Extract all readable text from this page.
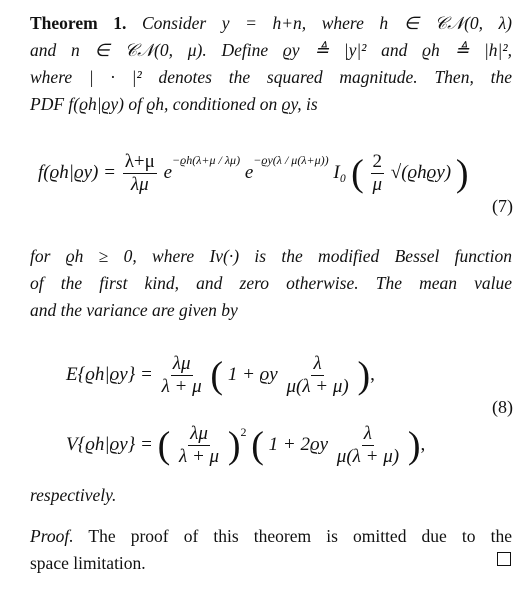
Theorem 1. Consider y = h+n, where h ∈ 𝒞𝒩(0, λ)
and n ∈ 𝒞𝒩(0, μ). Define ϱy ≜ |y|² and ϱh ≜ |h|²,
where | · |² denotes the squared magnitude. Then, the
PDF f(ϱh|ϱy) of ϱh, conditioned on ϱy, is
$f(ϱh|ϱy) = \frac{\lambda+\mu}{\lambda\mu} e^{-ϱh(\lambda+\mu / \lambda\mu)}$ $e^{-ϱy(\lambda / \mu(\lambda+\mu))}$ I₀ ( $\frac{2}{\mu} √(ϱhϱy)$ )
(7)
for ϱh ≥ 0, where Iν(·) is the modified Bessel function
of the first kind, and zero otherwise. The mean value
and the variance are given by
$E\{ϱh|ϱy\} = \frac{\lambda\mu}{\lambda + \mu}$ ( 1 + ϱy $\frac{\lambda}{\mu(\lambda + \mu)}$ ),
V{ϱh|ϱy} = ( $\frac{\lambda\mu}{\lambda + \mu} )^2$ ( $1 + 2ϱy \frac{\lambda}{\mu(\lambda + \mu)}$ ),
(8)
respectively.
Proof. The proof of this theorem is omitted due to the
space limitation.
